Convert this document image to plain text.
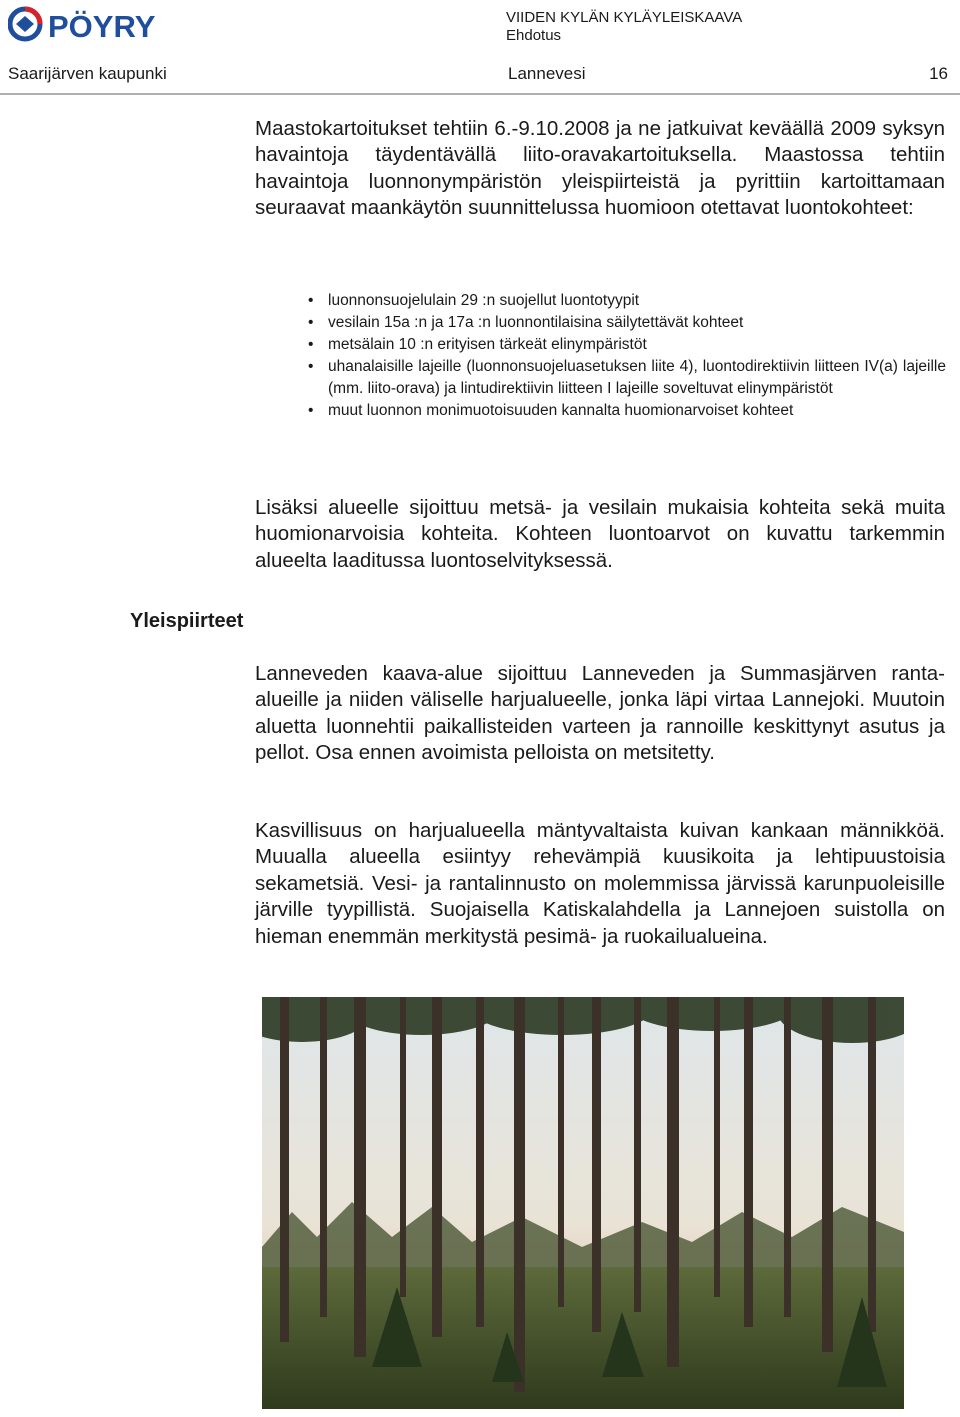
PÖYRY	VIIDEN KYLÄN KYLÄYLEISKAAVA
Ehdotus
Saarijärven kaupunki	Lannevesi	16

Maastokartoitukset tehtiin 6.-9.10.2008 ja ne jatkuivat keväällä 2009 syksyn havaintoja täydentävällä liito-oravakartoituksella. Maastossa tehtiin havaintoja luonnonympäristön yleispiirteistä ja pyrittiin kartoittamaan seuraavat maankäytön suunnittelussa huomioon otettavat luontokohteet:

• luonnonsuojelulain 29 :n suojellut luontotyypit
• vesilain 15a :n ja 17a :n luonnontilaisina säilytettävät kohteet
• metsälain 10 :n erityisen tärkeät elinympäristöt
• uhanalaisille lajeille (luonnonsuojeluasetuksen liite 4), luontodirektiivin liitteen IV(a) lajeille (mm. liito-orava) ja lintudirektiivin liitteen I lajeille soveltuvat elinympäristöt
• muut luonnon monimuotoisuuden kannalta huomionarvoiset kohteet

Lisäksi alueelle sijoittuu metsä- ja vesilain mukaisia kohteita sekä muita huomionarvoisia kohteita. Kohteen luontoarvot on kuvattu tarkemmin alueelta laaditussa luontoselvityksessä.

Yleispiirteet

Lanneveden kaava-alue sijoittuu Lanneveden ja Summasjärven ranta-alueille ja niiden väliselle harjualueelle, jonka läpi virtaa Lannejoki. Muutoin aluetta luonnehtii paikallisteiden varteen ja rannoille keskittynyt asutus ja pellot. Osa ennen avoimista pelloista on metsitetty.

Kasvillisuus on harjualueella mäntyvaltaista kuivan kankaan männikköä. Muualla alueella esiintyy rehevämpiä kuusikoita ja lehtipuustoisia sekametsiä. Vesi- ja rantalinnusto on molemmissa järvissä karunpuoleisille järville tyypillistä. Suojaisella Katiskalahdella ja Lannejoen suistolla on hieman enemmän merkitystä pesimä- ja ruokailualueina.
